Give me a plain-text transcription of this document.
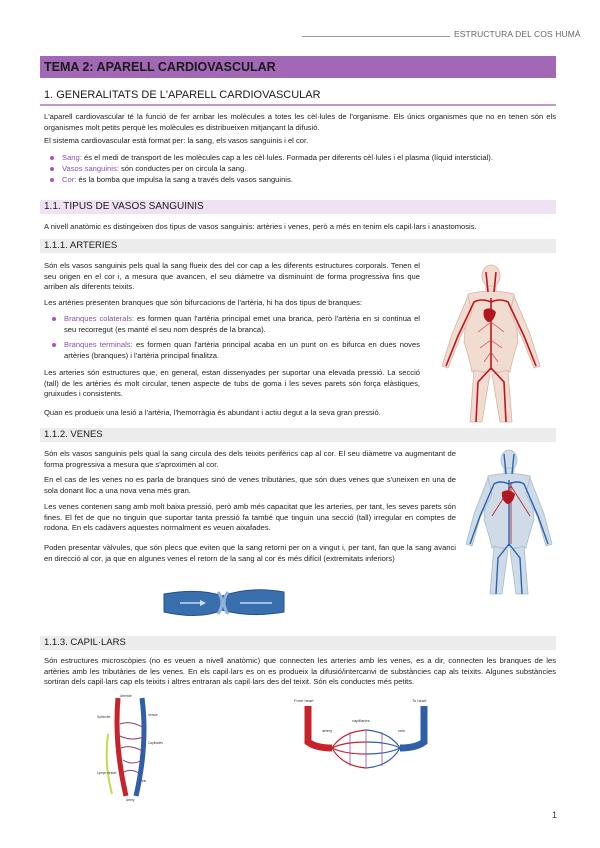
ESTRUCTURA DEL COS HUMÀ
TEMA 2: APARELL CARDIOVASCULAR
1. GENERALITATS DE L'APARELL CARDIOVASCULAR
L'aparell cardiovascular té la funció de fer arribar les molècules a totes les cèl·lules de l'organisme. Els únics organismes que no en tenen són els organismes molt petits perquè les molècules es distribueixen mitjançant la difusió.
El sistema cardiovascular està format per: la sang, els vasos sanguinis i el cor.
Sang: és el medi de transport de les molècules cap a les cèl·lules. Formada per diferents cèl·lules i el plasma (líquid intersticial).
Vasos sanguinis: són conductes per on circula la sang.
Cor: és la bomba que impulsa la sang a través dels vasos sanguinis.
1.1. TIPUS DE VASOS SANGUINIS
A nivell anatòmic es distingeixen dos tipus de vasos sanguinis: artèries i venes, però a més en tenim els capil·lars i anastomosis.
1.1.1. ARTERIES
Són els vasos sanguinis pels qual la sang flueix des del cor cap a les diferents estructures corporals. Tenen el seu origen en el cor i, a mesura que avancen, el seu diàmetre va disminuint de forma progressiva fins que arriben als diferents teixits.
Les artèries presenten branques que són bifurcacions de l'artèria, hi ha dos tipus de branques:
Branques colaterals: es formen quan l'artèria principal emet una branca, però l'artèria en si continua el seu recorregut (es manté el seu nom després de la branca).
Branques terminals: es formen quan l'artèria principal acaba en un punt on es bifurca en dues noves artèries (branques) i l'artèria principal finalitza.
Les arteries són estructures que, en general, estan dissenyades per suportar una elevada pressió. La secció (tall) de les artèries és molt circular, tenen aspecte de tubs de goma i les seves parets són força elàstiques, gruixudes i consistents.
Quan es produeix una lesió a l'artèria, l'hemorràgia és abundant i actiu degut a la seva gran pressió.
1.1.2. VENES
Són els vasos sanguinis pels qual la sang circula des dels teixits perifèrics cap al cor. El seu diàmetre va augmentant de forma progressiva a mesura que s'aproximen al cor.
En el cas de les venes no es parla de branques sinó de venes tributàries, que són dues venes que s'uneixen en una de sola donant lloc a una nova vena més gran.
Les venes contenen sang amb molt baixa pressió, però amb més capacitat que les arteries, per tant, les seves parets són fines. El fet de que no tinguin que suportar tanta pressió fa també que tinguin una secció (tall) irregular en comptes de rodona. En els cadàvers aquestes normalment es veuen aixafades.
Poden presentar vàlvules, que són plecs que eviten que la sang retorni per on a vingut i, per tant, fan que la sang avanci en direcció al cor, ja que en algunes venes el retorn de la sang al cor és més difícil (extremitats inferiors)
1.1.3. CAPIL·LARS
Són estructures microscòpies (no es veuen a nivell anatòmic) que connecten les arteries amb les venes, es a dir, connecten les branques de les artèries amb les tributàries de les venes. En els capil·lars es on es produeix la difusió/intercanvi de substàncies cap als teixits. Algunes substàncies sortiran dels capil·lars cap els teixits i altres entraran als capil·lars des del teixit. Són els conductes més petits.
Arteriole
Venule
Sphincter
Capillaries
Lymph vessel
Vein
Artery
From heart	To heart
artery
capillaries
vein
1
